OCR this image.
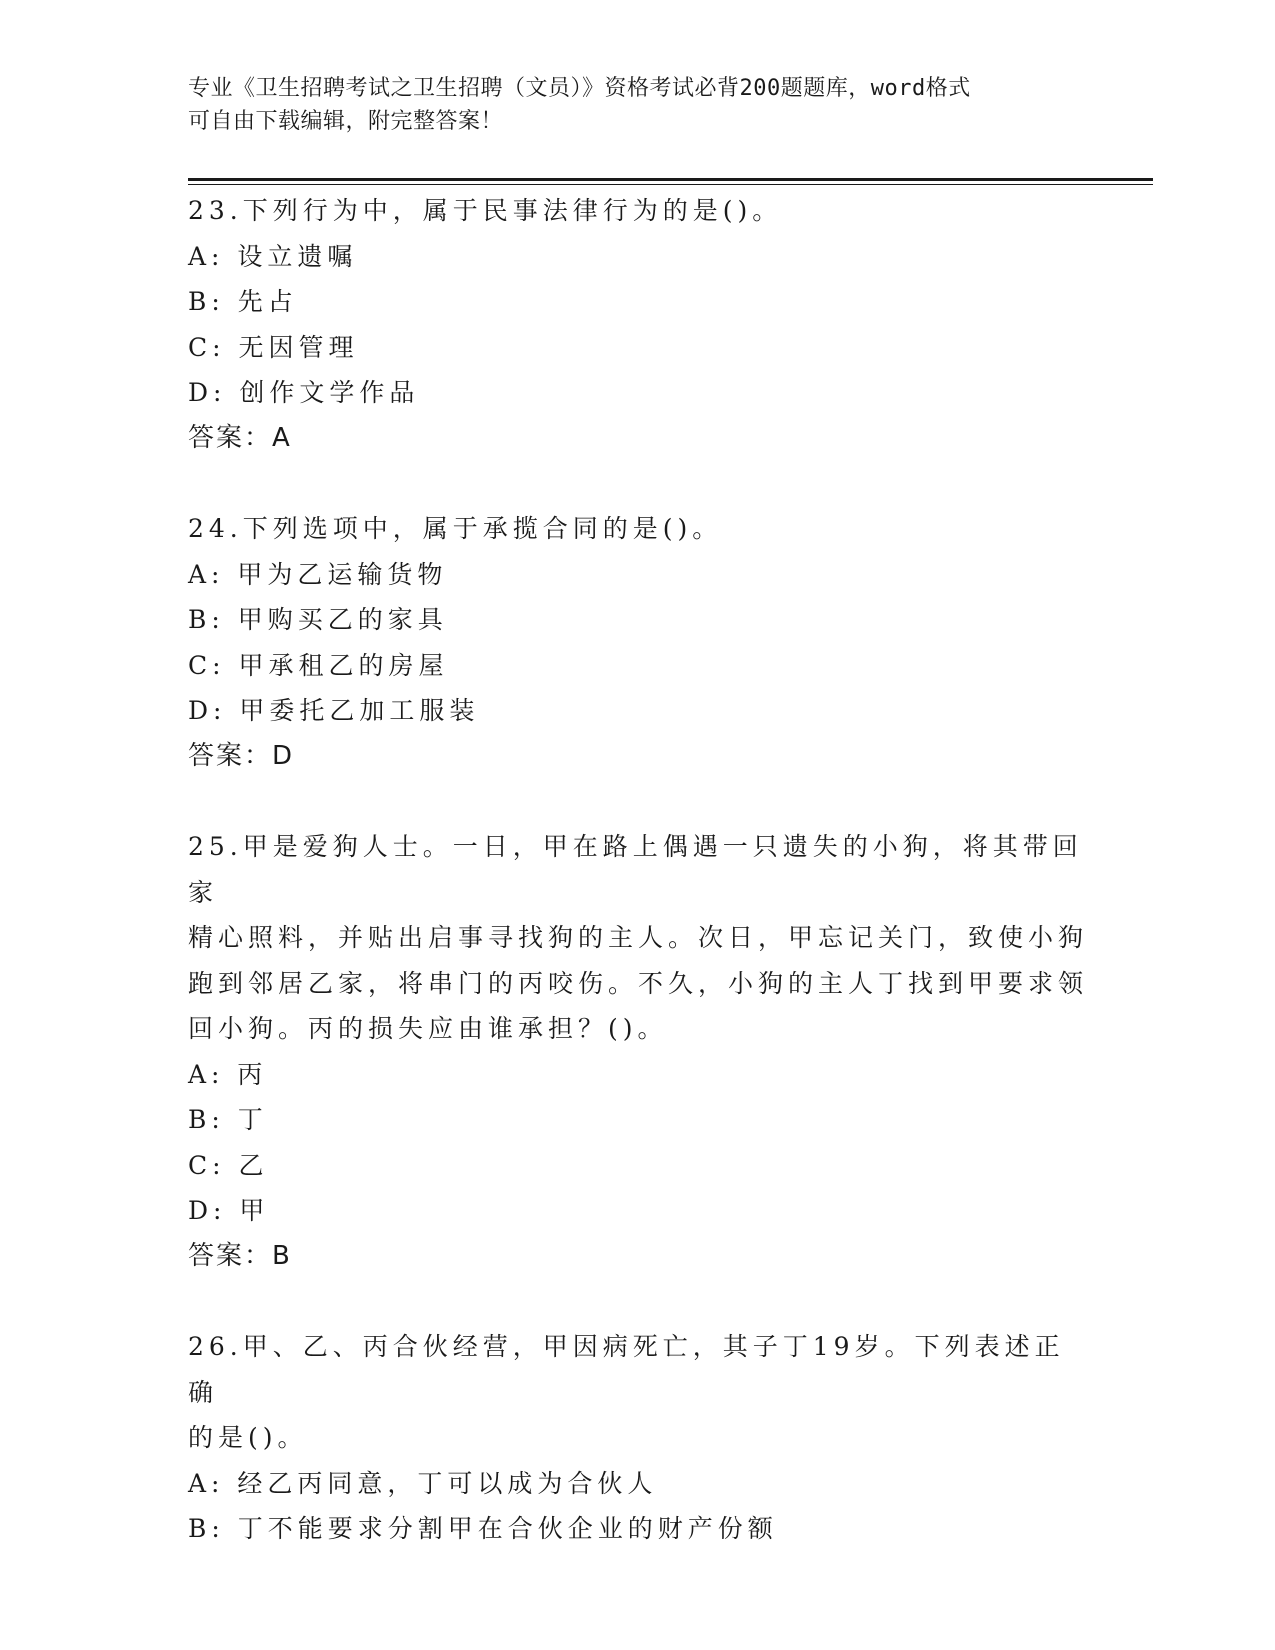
专业《卫生招聘考试之卫生招聘（文员）》资格考试必背200题题库，word格式
可自由下载编辑，附完整答案！
23.下列行为中，属于民事法律行为的是()。
A: 设立遗嘱
B: 先占
C: 无因管理
D: 创作文学作品
答案：A
24.下列选项中，属于承揽合同的是()。
A: 甲为乙运输货物
B: 甲购买乙的家具
C: 甲承租乙的房屋
D: 甲委托乙加工服装
答案：D
25.甲是爱狗人士。一日，甲在路上偶遇一只遗失的小狗，将其带回家
精心照料，并贴出启事寻找狗的主人。次日，甲忘记关门，致使小狗
跑到邻居乙家，将串门的丙咬伤。不久，小狗的主人丁找到甲要求领
回小狗。丙的损失应由谁承担？()。
A: 丙
B: 丁
C: 乙
D: 甲
答案：B
26.甲、乙、丙合伙经营，甲因病死亡，其子丁19岁。下列表述正确
的是()。
A: 经乙丙同意，丁可以成为合伙人
B: 丁不能要求分割甲在合伙企业的财产份额
